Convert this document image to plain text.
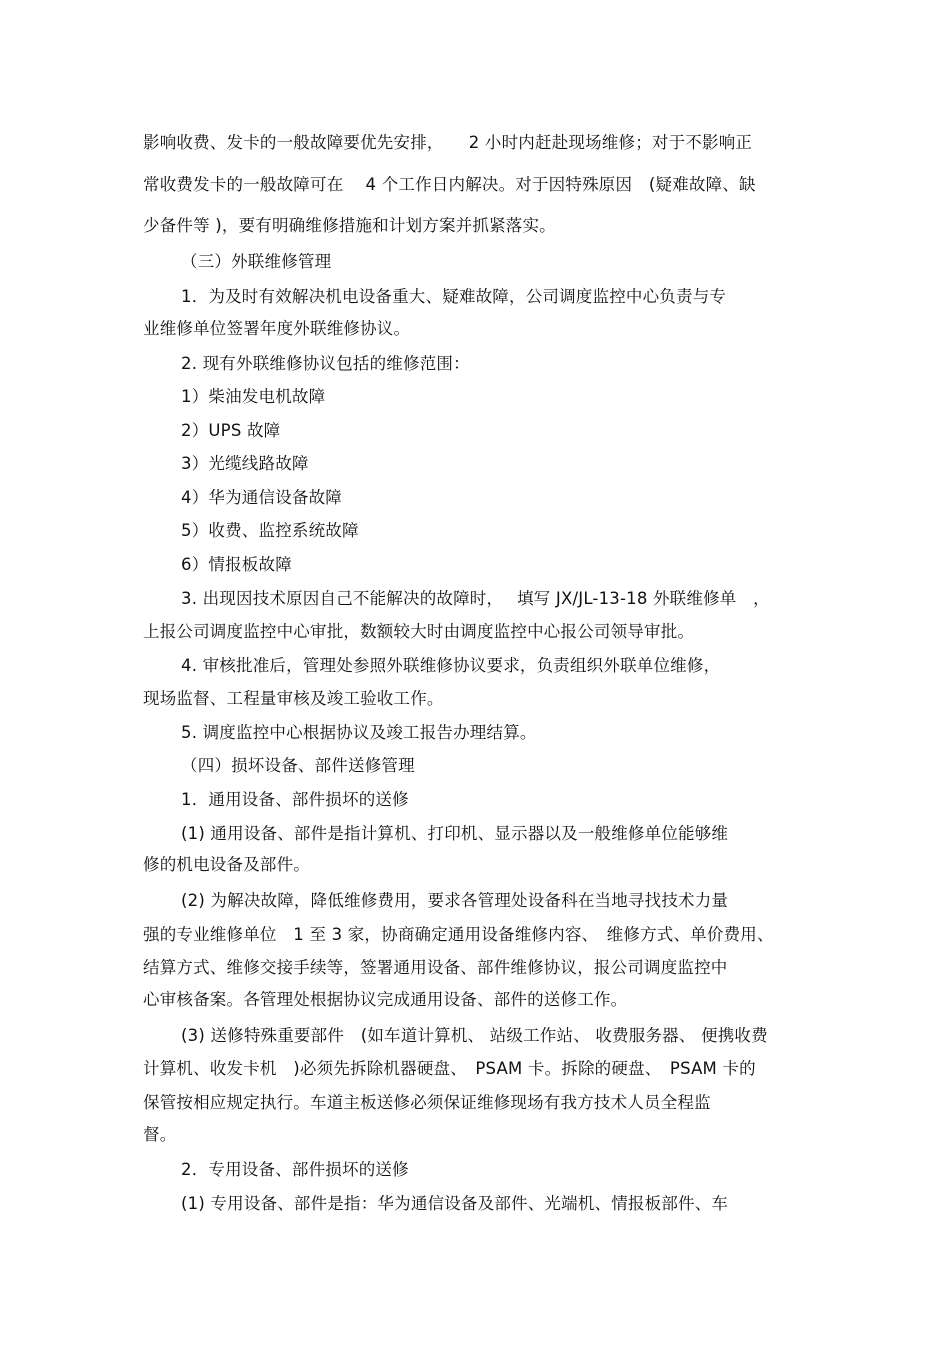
影响收费、发卡的一般故障要优先安排，　　2 小时内赶赴现场维修；对于不影响正
常收费发卡的一般故障可在　 4 个工作日内解决。对于因特殊原因　(疑难故障、缺
少备件等 )，要有明确维修措施和计划方案并抓紧落实。
（三）外联维修管理
1．为及时有效解决机电设备重大、疑难故障，公司调度监控中心负责与专
业维修单位签署年度外联维修协议。
2. 现有外联维修协议包括的维修范围：
1）柴油发电机故障
2）UPS 故障
3）光缆线路故障
4）华为通信设备故障
5）收费、监控系统故障
6）情报板故障
3. 出现因技术原因自己不能解决的故障时，　 填写 JX/JL-13-18 外联维修单　，
上报公司调度监控中心审批，数额较大时由调度监控中心报公司领导审批。
4. 审核批准后，管理处参照外联维修协议要求，负责组织外联单位维修，
现场监督、工程量审核及竣工验收工作。
5. 调度监控中心根据协议及竣工报告办理结算。
（四）损坏设备、部件送修管理
1．通用设备、部件损坏的送修
(1) 通用设备、部件是指计算机、打印机、显示器以及一般维修单位能够维
修的机电设备及部件。
(2) 为解决故障，降低维修费用，要求各管理处设备科在当地寻找技术力量
强的专业维修单位　1 至 3 家，协商确定通用设备维修内容、　维修方式、单价费用、
结算方式、维修交接手续等，签署通用设备、部件维修协议，报公司调度监控中
心审核备案。各管理处根据协议完成通用设备、部件的送修工作。
(3) 送修特殊重要部件　(如车道计算机、 站级工作站、 收费服务器、 便携收费
计算机、收发卡机　)必须先拆除机器硬盘、　PSAM 卡。拆除的硬盘、　PSAM 卡的
保管按相应规定执行。车道主板送修必须保证维修现场有我方技术人员全程监
督。
2．专用设备、部件损坏的送修
(1) 专用设备、部件是指：华为通信设备及部件、光端机、情报板部件、车
